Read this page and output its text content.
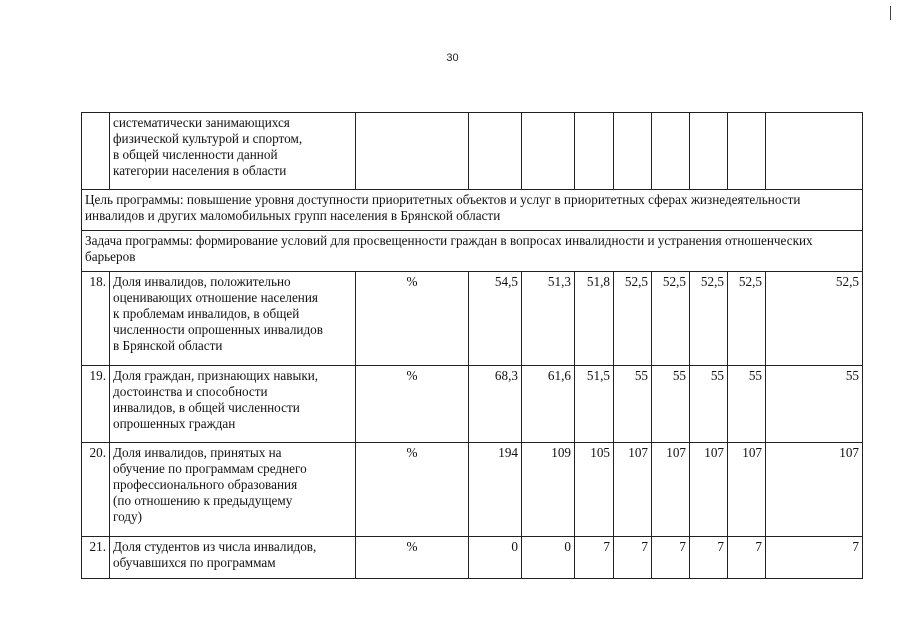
30
	систематически занимающихся
физической культурой и спортом,
в общей численности данной
категории населения в области									
Цель программы: повышение уровня доступности приоритетных объектов и услуг в приоритетных сферах жизнедеятельности инвалидов и других маломобильных групп населения в Брянской области										
Задача программы: формирование условий для просвещенности граждан в вопросах инвалидности и устранения отношенческих барьеров										
18.	Доля инвалидов, положительно
оценивающих отношение населения
к проблемам инвалидов, в общей
численности опрошенных инвалидов
в Брянской области	%	54,5	51,3	51,8	52,5	52,5	52,5	52,5	52,5
19.	Доля граждан, признающих навыки,
достоинства и способности
инвалидов, в общей численности
опрошенных граждан	%	68,3	61,6	51,5	55	55	55	55	55
20.	Доля инвалидов, принятых на
обучение по программам среднего
профессионального образования
(по отношению к предыдущему
году)	%	194	109	105	107	107	107	107	107
21.	Доля студентов из числа инвалидов,
обучавшихся по программам	%	0	0	7	7	7	7	7	7
